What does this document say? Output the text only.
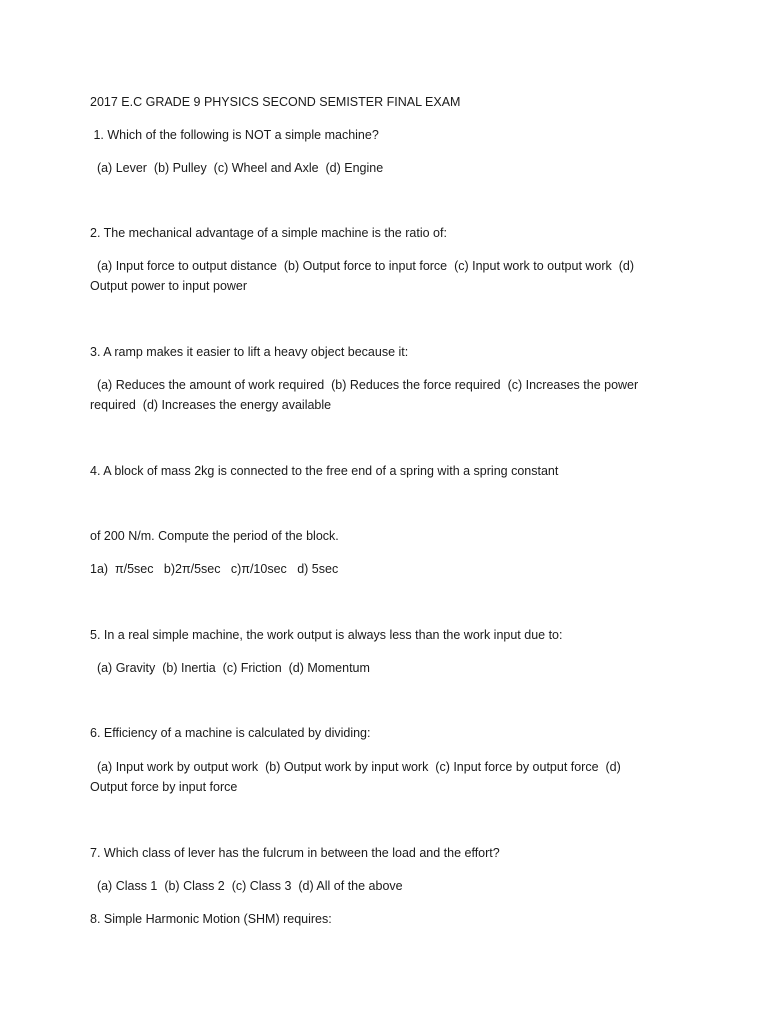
2017 E.C GRADE 9 PHYSICS SECOND SEMISTER FINAL EXAM

1. Which of the following is NOT a simple machine?

(a) Lever  (b) Pulley  (c) Wheel and Axle  (d) Engine

2. The mechanical advantage of a simple machine is the ratio of:

(a) Input force to output distance  (b) Output force to input force  (c) Input work to output work  (d)

Output power to input power

3. A ramp makes it easier to lift a heavy object because it:

(a) Reduces the amount of work required  (b) Reduces the force required  (c) Increases the power

required  (d) Increases the energy available

4. A block of mass 2kg is connected to the free end of a spring with a spring constant

of 200 N/m. Compute the period of the block.

1a)  π/5sec   b)2π/5sec   c)π/10sec   d) 5sec

5. In a real simple machine, the work output is always less than the work input due to:

(a) Gravity  (b) Inertia  (c) Friction  (d) Momentum

6. Efficiency of a machine is calculated by dividing:

(a) Input work by output work  (b) Output work by input work  (c) Input force by output force  (d)

Output force by input force

7. Which class of lever has the fulcrum in between the load and the effort?

(a) Class 1  (b) Class 2  (c) Class 3  (d) All of the above

8. Simple Harmonic Motion (SHM) requires:
